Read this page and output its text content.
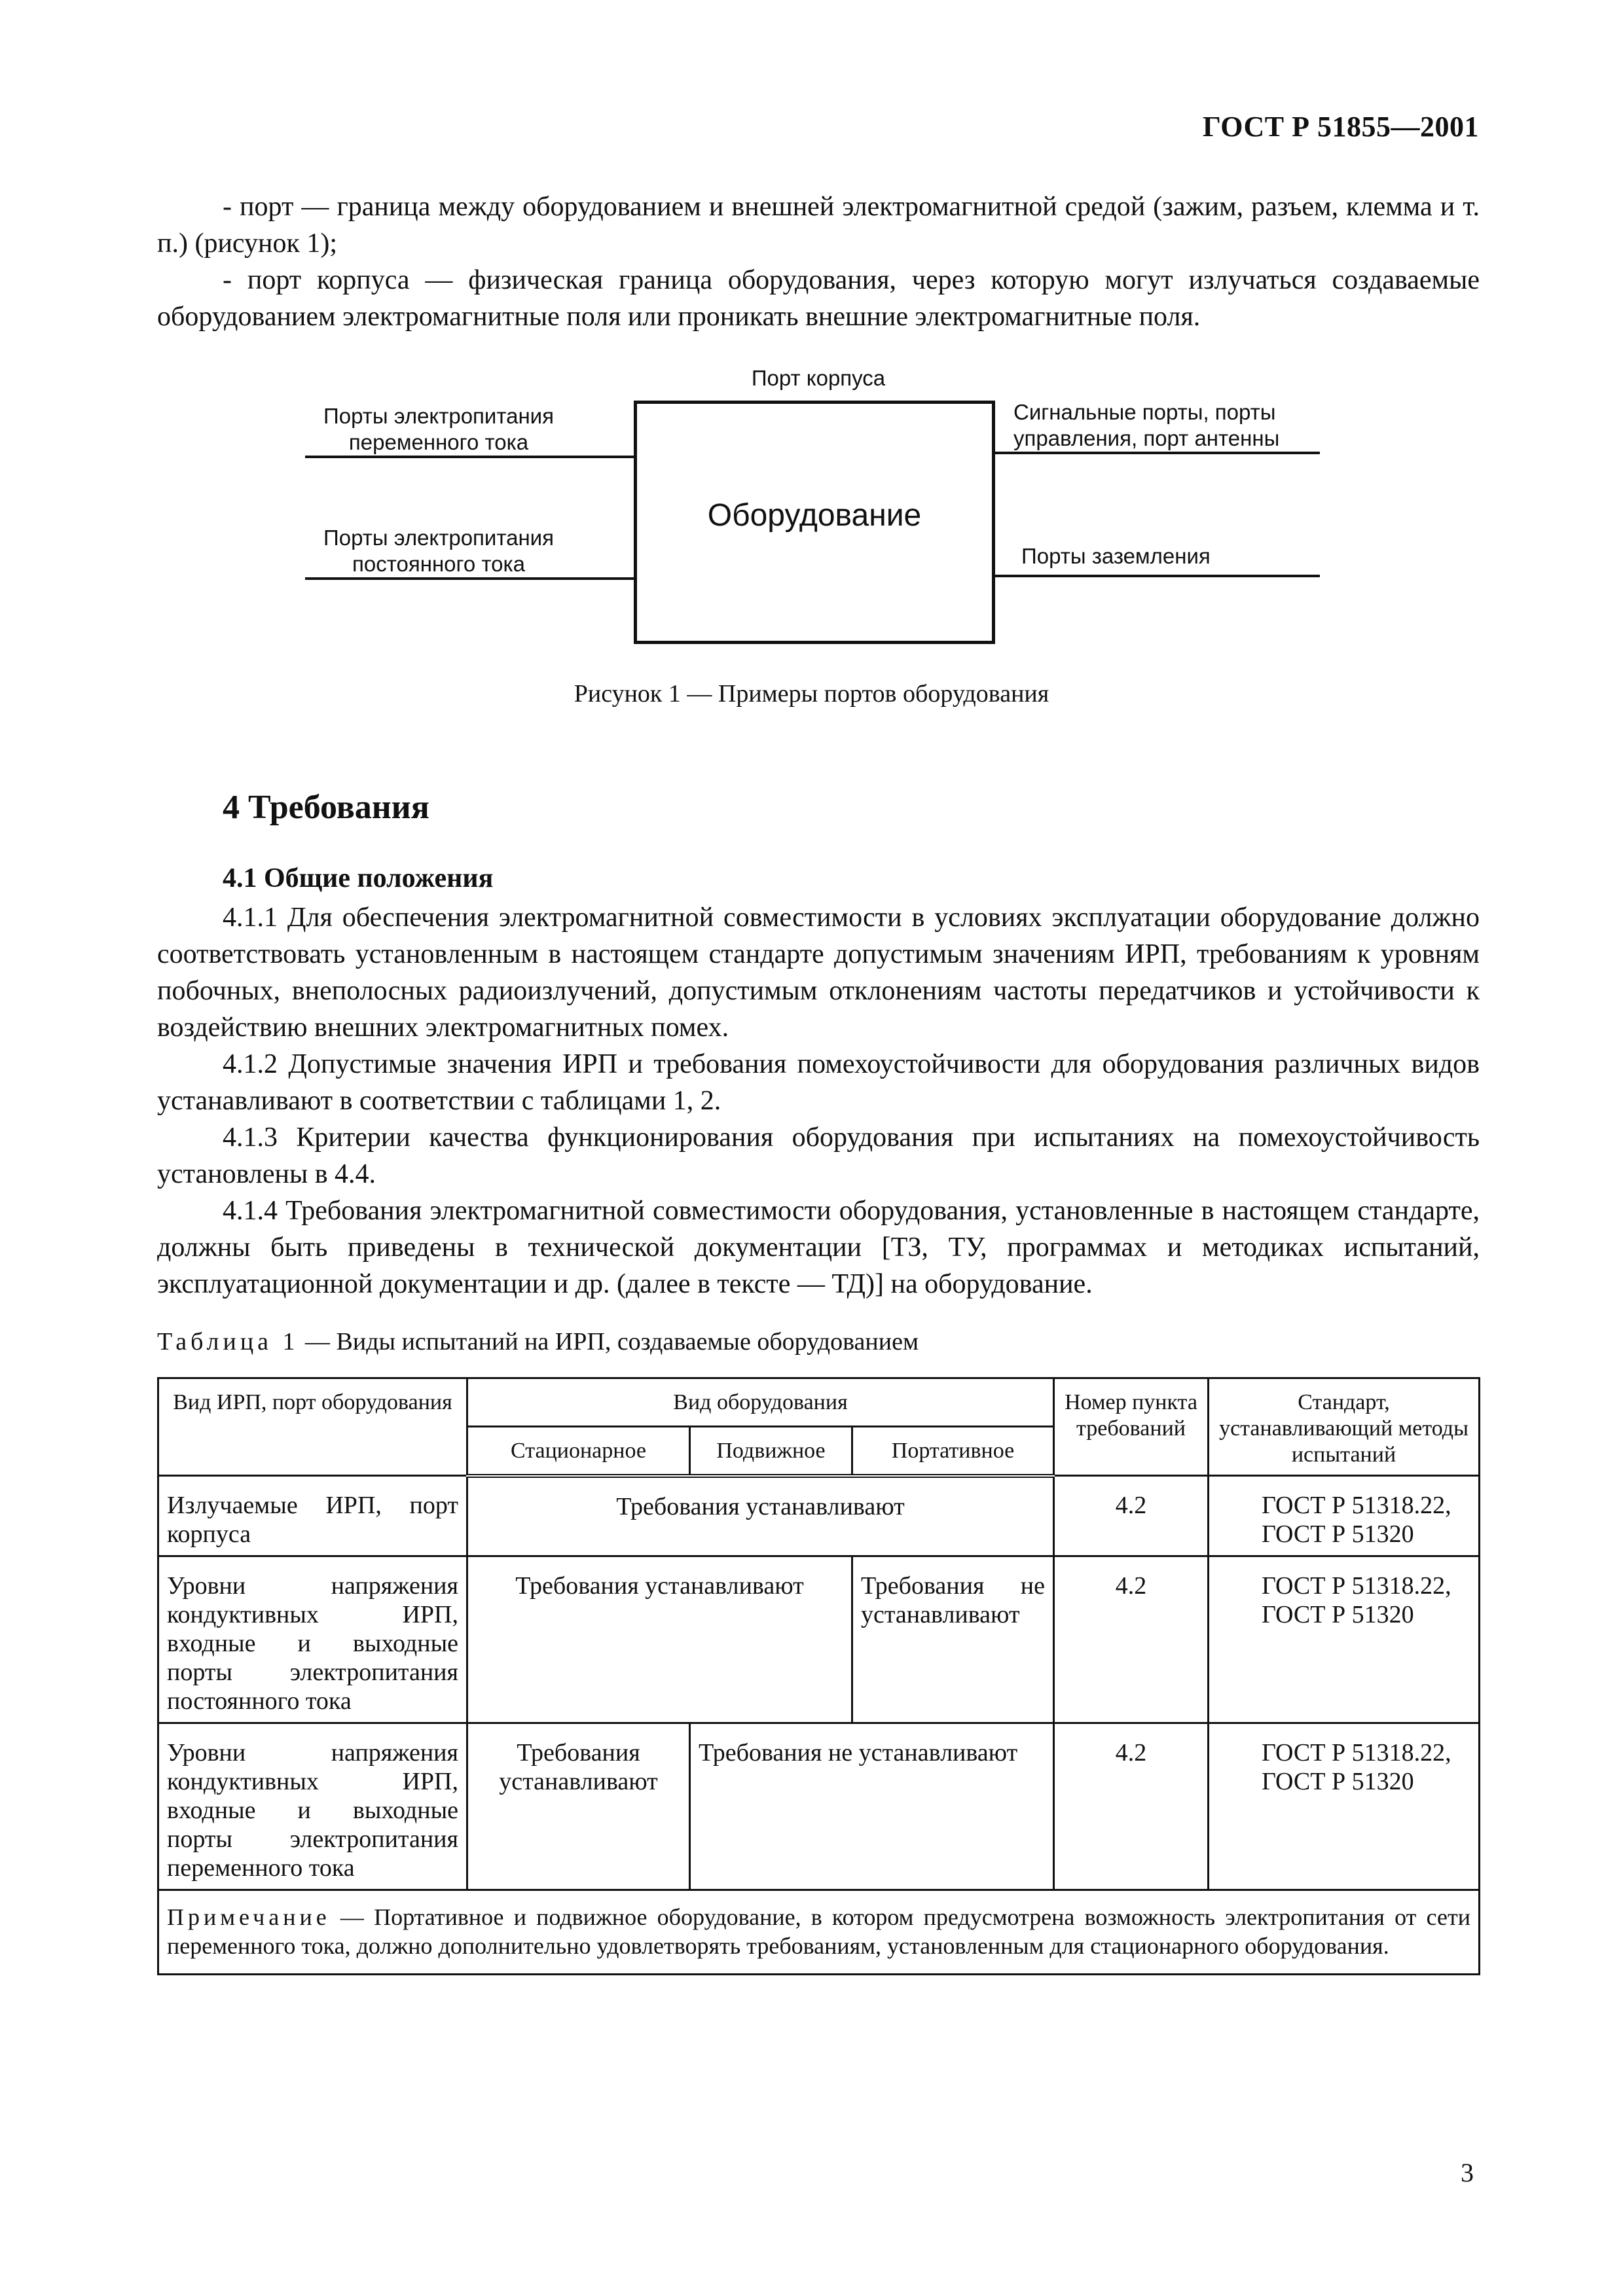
ГОСТ Р 51855—2001

- порт — граница между оборудованием и внешней электромагнитной средой (зажим, разъем, клемма и т. п.) (рисунок 1);

- порт корпуса — физическая граница оборудования, через которую могут излучаться создаваемые оборудованием электромагнитные поля или проникать внешние электромагнитные поля.

Порт корпуса
Порты электропитания
переменного тока
Порты электропитания
постоянного тока
Оборудование
Сигнальные порты, порты
управления, порт антенны
Порты заземления
Рисунок 1 — Примеры портов оборудования
4 Требования
4.1 Общие положения

4.1.1 Для обеспечения электромагнитной совместимости в условиях эксплуатации оборудование должно соответствовать установленным в настоящем стандарте допустимым значениям ИРП, требованиям к уровням побочных, внеполосных радиоизлучений, допустимым отклонениям частоты передатчиков и устойчивости к воздействию внешних электромагнитных помех.

4.1.2 Допустимые значения ИРП и требования помехоустойчивости для оборудования различных видов устанавливают в соответствии с таблицами 1, 2.

4.1.3 Критерии качества функционирования оборудования при испытаниях на помехоустойчивость установлены в 4.4.

4.1.4 Требования электромагнитной совместимости оборудования, установленные в настоящем стандарте, должны быть приведены в технической документации [ТЗ, ТУ, программах и методиках испытаний, эксплуатационной документации и др. (далее в тексте — ТД)] на оборудование.

Таблица 1 — Виды испытаний на ИРП, создаваемые оборудованием
Вид ИРП, порт оборудования	Вид оборудования			Номер пункта требований	Стандарт, устанавливающий методы испытаний
	Стационарное	Подвижное	Портативное		
Излучаемые ИРП, порт корпуса	Требования устанавливают			4.2	ГОСТ Р 51318.22, ГОСТ Р 51320
Уровни напряжения кондуктивных ИРП, входные и выходные порты электропитания постоянного тока	Требования устанавливают		Требования не устанавливают	4.2	ГОСТ Р 51318.22, ГОСТ Р 51320
Уровни напряжения кондуктивных ИРП, входные и выходные порты электропитания переменного тока	Требования устанавливают	Требования не устанавливают		4.2	ГОСТ Р 51318.22, ГОСТ Р 51320
Примечание — Портативное и подвижное оборудование, в котором предусмотрена возможность электропитания от сети переменного тока, должно дополнительно удовлетворять требованиям, установленным для стационарного оборудования.					
3
